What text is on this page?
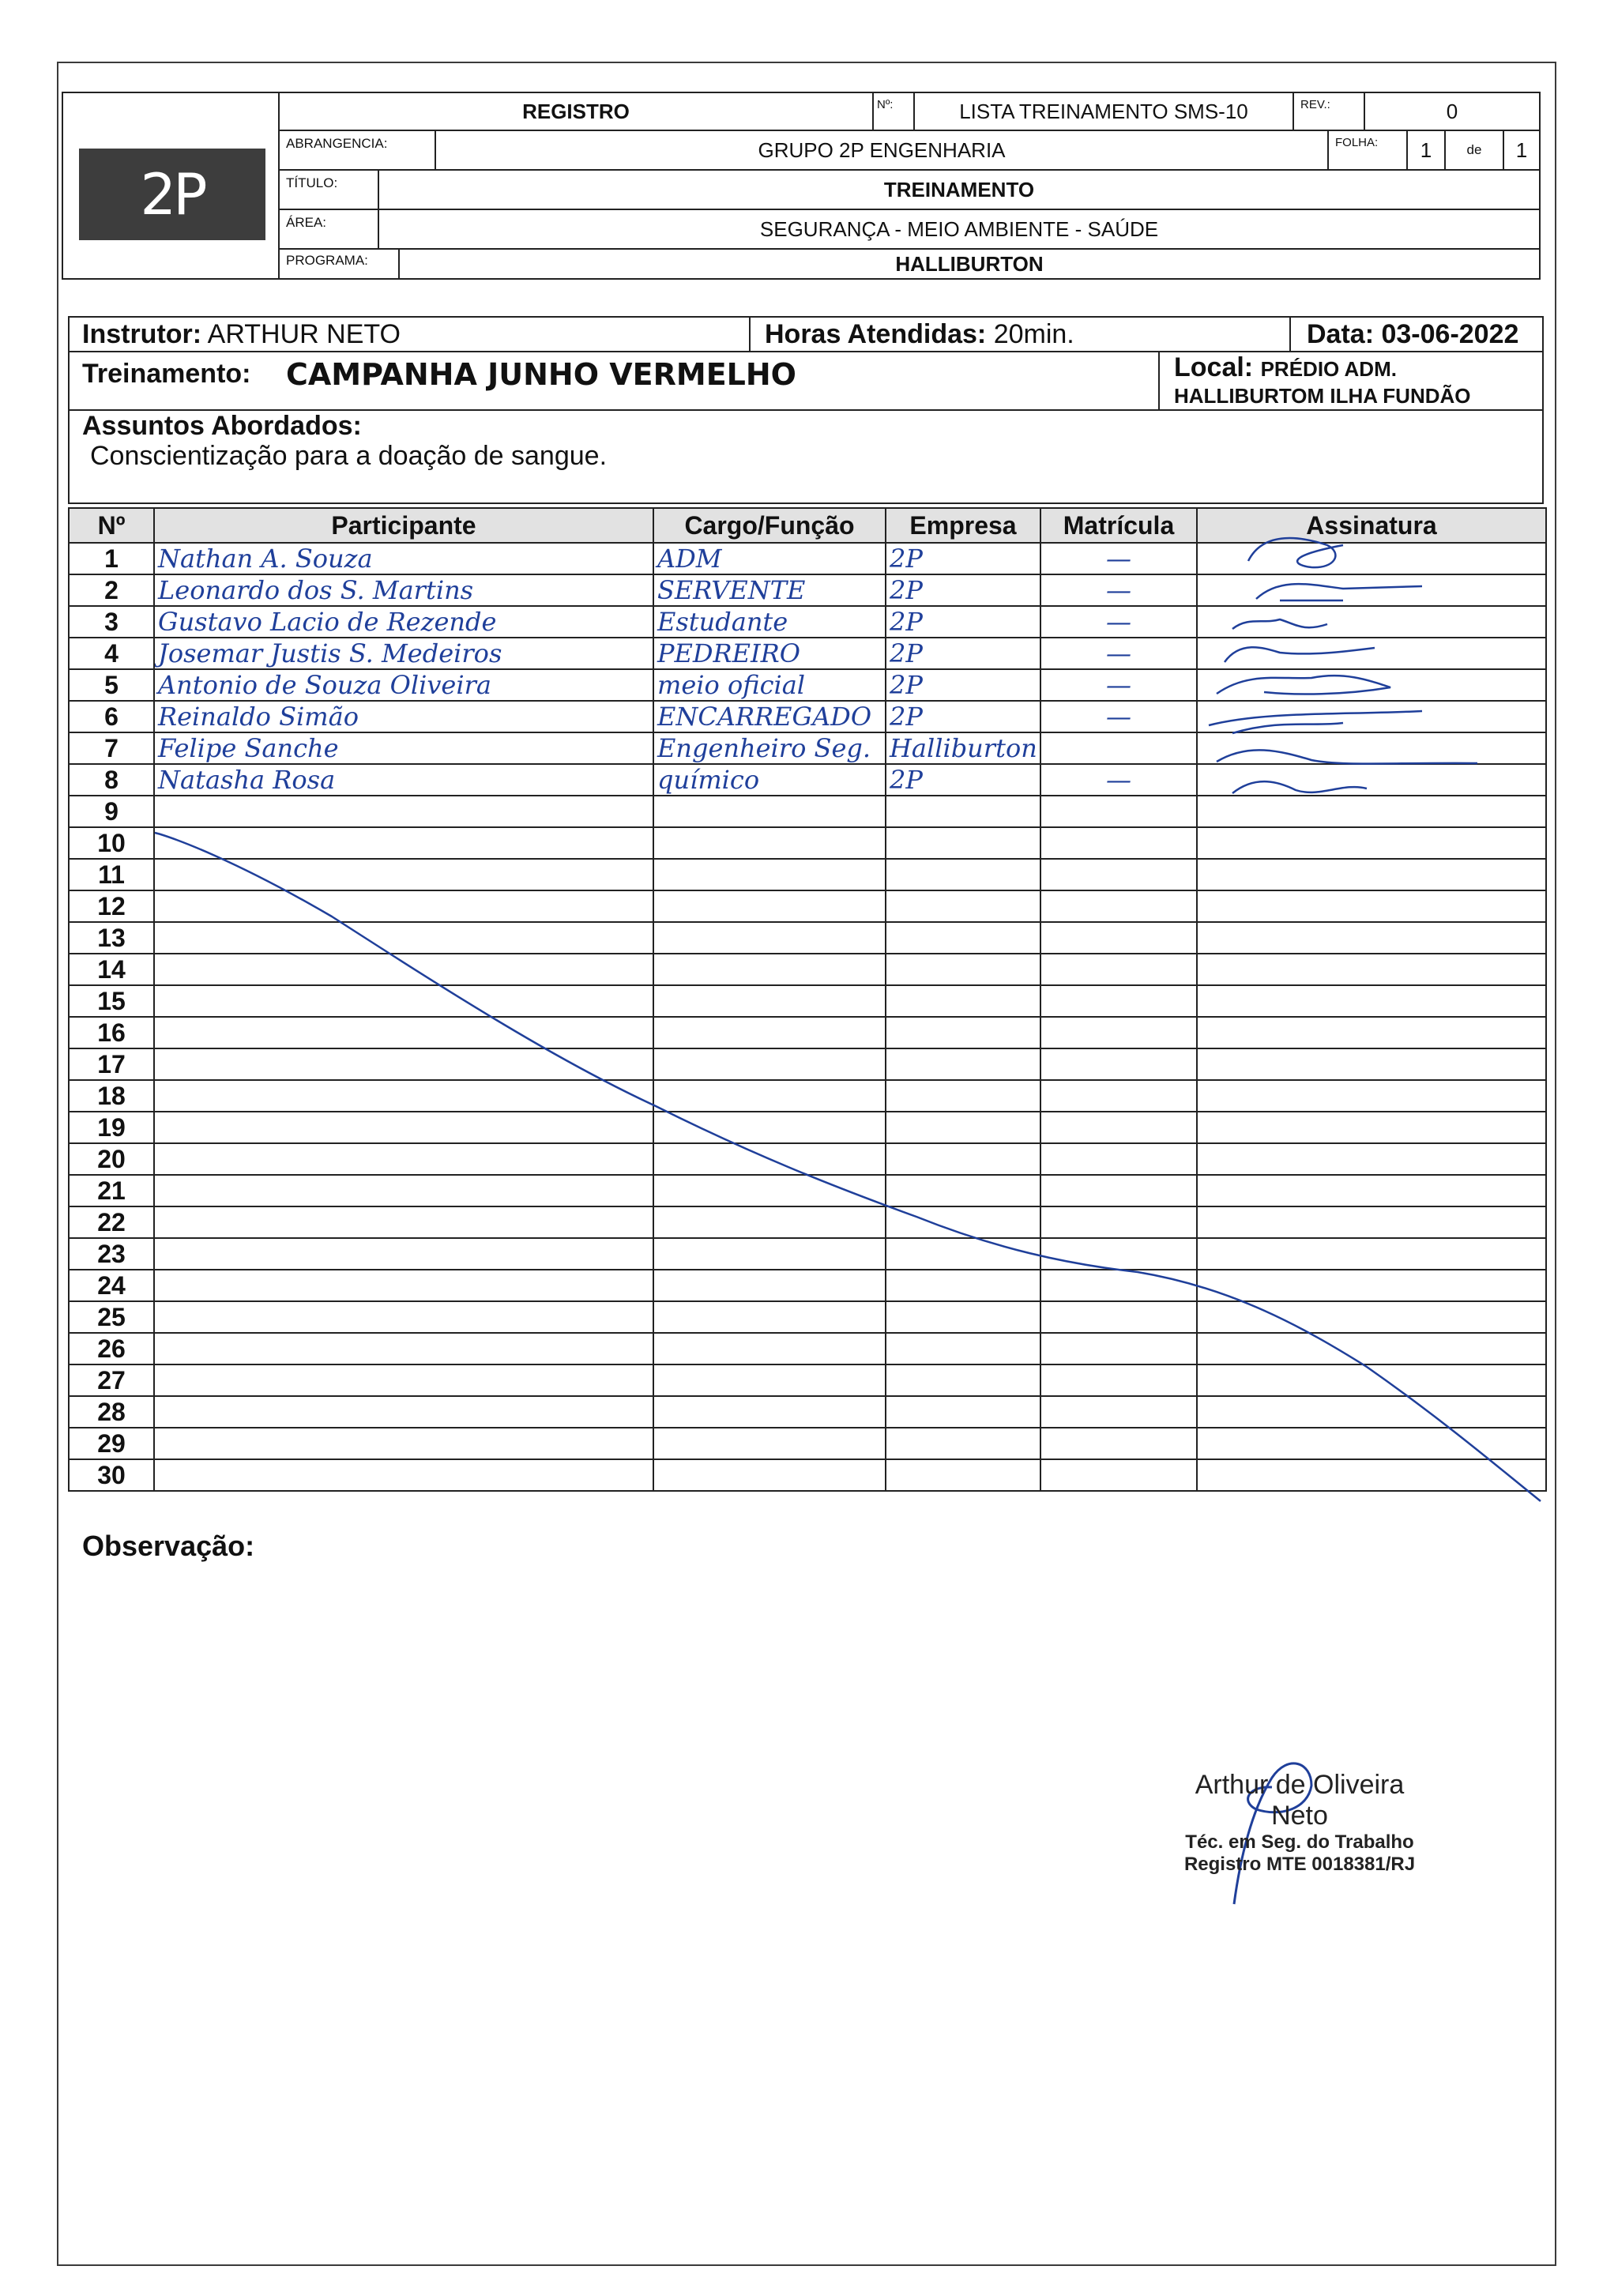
2P
REGISTRO	Nº:	LISTA TREINAMENTO SMS-10	REV.:	0
ABRANGENCIA:	GRUPO 2P ENGENHARIA	FOLHA:	1	de	1
TÍTULO:	TREINAMENTO
ÁREA:	SEGURANÇA - MEIO AMBIENTE - SAÚDE
PROGRAMA:	HALLIBURTON
Instrutor: ARTHUR NETO	Horas Atendidas: 20min.	Data: 03-06-2022
Treinamento: CAMPANHA JUNHO VERMELHO	Local: PRÉDIO ADM.
HALLIBURTOM ILHA FUNDÃO
Assuntos Abordados:
Conscientização para a doação de sangue.
Nº	Participante	Cargo/Função	Empresa	Matrícula	Assinatura
1	Nathan A. Souza	ADM	2P	—	
2	Leonardo dos S. Martins	SERVENTE	2P	—	
3	Gustavo Lacio de Rezende	Estudante	2P	—	
4	Josemar Justis S. Medeiros	PEDREIRO	2P	—	
5	Antonio de Souza Oliveira	meio oficial	2P	—	
6	Reinaldo Simão	ENCARREGADO	2P	—	
7	Felipe Sanche	Engenheiro Seg.	Halliburton		
8	Natasha Rosa	químico	2P	—	
9					
10					
11					
12					
13					
14					
15					
16					
17					
18					
19					
20					
21					
22					
23					
24					
25					
26					
27					
28					
29					
30					
Observação:
Arthur de Oliveira Neto
Téc. em Seg. do Trabalho
Registro MTE 0018381/RJ
